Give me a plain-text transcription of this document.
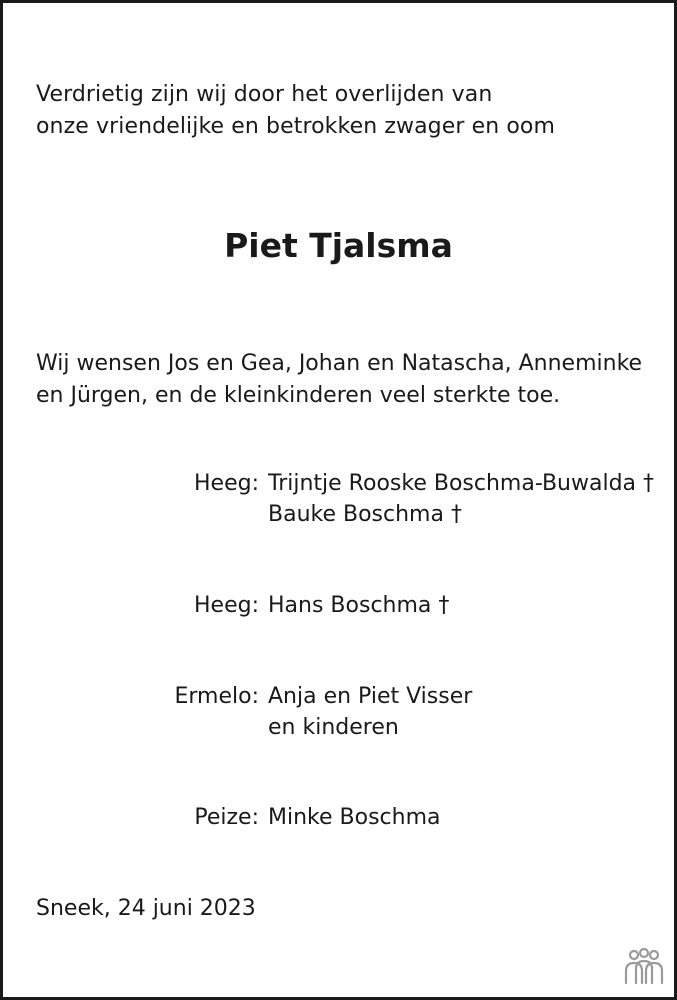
Verdrietig zijn wij door het overlijden van
onze vriendelijke en betrokken zwager en oom
Piet Tjalsma
Wij wensen Jos en Gea, Johan en Natascha, Anneminke
en Jürgen, en de kleinkinderen veel sterkte toe.
Heeg: Trijntje Rooske Boschma-Buwalda †
Bauke Boschma †
Heeg: Hans Boschma †
Ermelo: Anja en Piet Visser
en kinderen
Peize: Minke Boschma
Sneek, 24 juni 2023
